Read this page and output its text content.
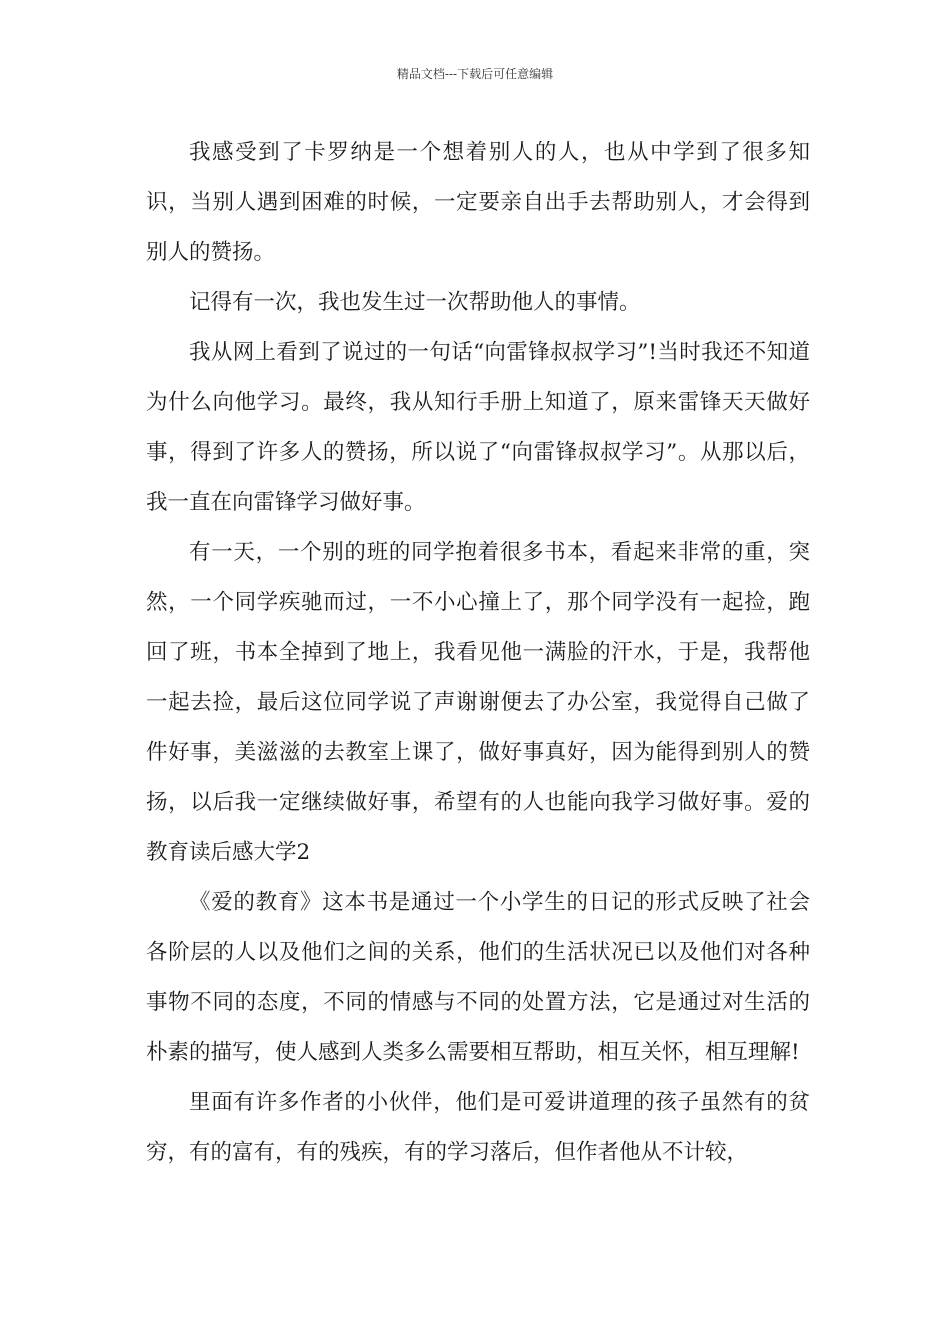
精品文档---下载后可任意编辑

我感受到了卡罗纳是一个想着别人的人，也从中学到了很多知识，当别人遇到困难的时候，一定要亲自出手去帮助别人，才会得到别人的赞扬。

记得有一次，我也发生过一次帮助他人的事情。

我从网上看到了说过的一句话“向雷锋叔叔学习”!当时我还不知道为什么向他学习。最终，我从知行手册上知道了，原来雷锋天天做好事，得到了许多人的赞扬，所以说了“向雷锋叔叔学习”。从那以后，我一直在向雷锋学习做好事。

有一天，一个别的班的同学抱着很多书本，看起来非常的重，突然，一个同学疾驰而过，一不小心撞上了，那个同学没有一起捡，跑回了班，书本全掉到了地上，我看见他一满脸的汗水，于是，我帮他一起去捡，最后这位同学说了声谢谢便去了办公室，我觉得自己做了件好事，美滋滋的去教室上课了，做好事真好，因为能得到别人的赞扬，以后我一定继续做好事，希望有的人也能向我学习做好事。爱的教育读后感大学2

《爱的教育》这本书是通过一个小学生的日记的形式反映了社会各阶层的人以及他们之间的关系，他们的生活状况已以及他们对各种事物不同的态度，不同的情感与不同的处置方法，它是通过对生活的朴素的描写，使人感到人类多么需要相互帮助，相互关怀，相互理解!

里面有许多作者的小伙伴，他们是可爱讲道理的孩子虽然有的贫穷，有的富有，有的残疾，有的学习落后，但作者他从不计较，
